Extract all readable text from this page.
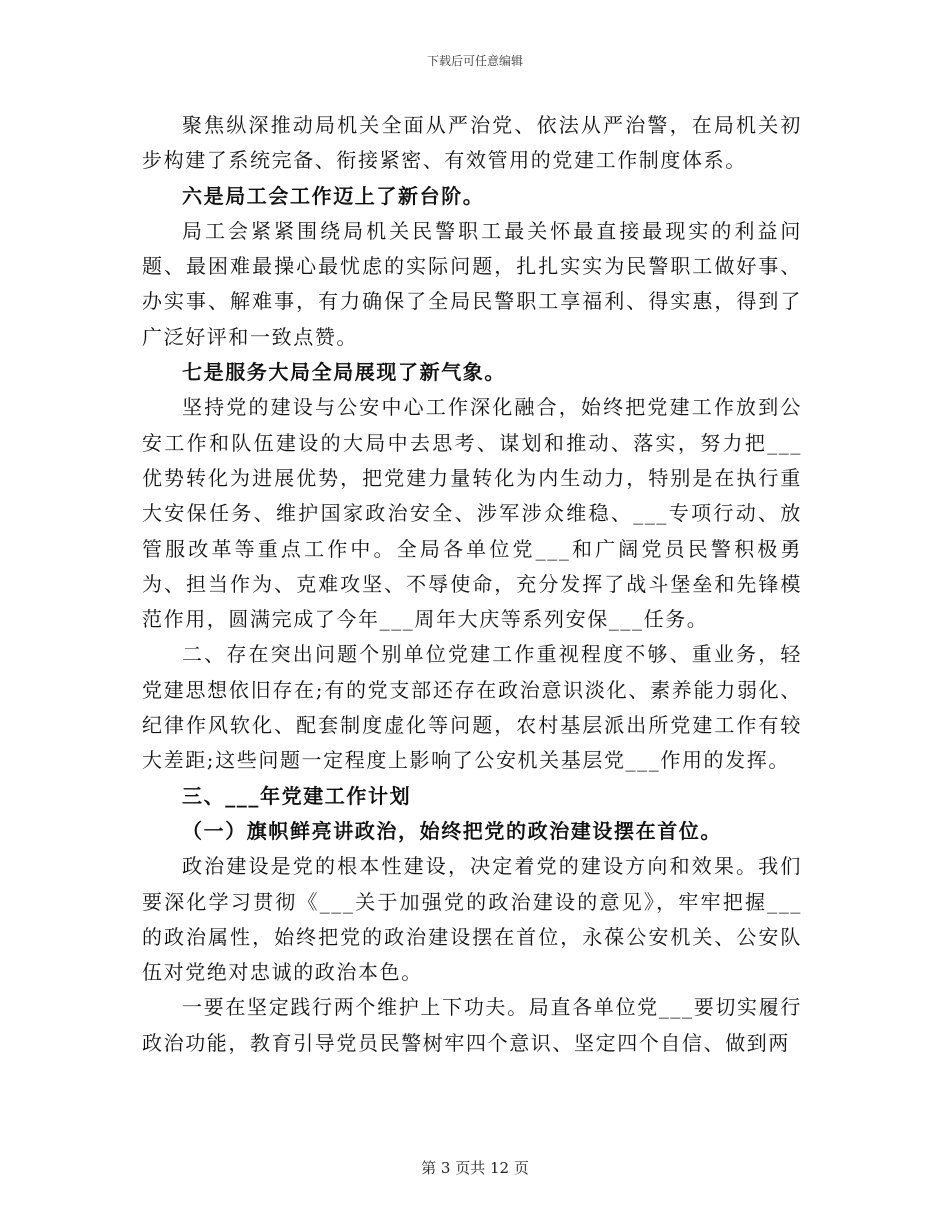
下载后可任意编辑

聚焦纵深推动局机关全面从严治党、依法从严治警，在局机关初步构建了系统完备、衔接紧密、有效管用的党建工作制度体系。

六是局工会工作迈上了新台阶。

局工会紧紧围绕局机关民警职工最关怀最直接最现实的利益问题、最困难最操心最忧虑的实际问题，扎扎实实为民警职工做好事、办实事、解难事，有力确保了全局民警职工享福利、得实惠，得到了广泛好评和一致点赞。

七是服务大局全局展现了新气象。

坚持党的建设与公安中心工作深化融合，始终把党建工作放到公安工作和队伍建设的大局中去思考、谋划和推动、落实，努力把___优势转化为进展优势，把党建力量转化为内生动力，特别是在执行重大安保任务、维护国家政治安全、涉军涉众维稳、___专项行动、放管服改革等重点工作中。全局各单位党___和广阔党员民警积极勇为、担当作为、克难攻坚、不辱使命，充分发挥了战斗堡垒和先锋模范作用，圆满完成了今年___周年大庆等系列安保___任务。

二、存在突出问题个别单位党建工作重视程度不够、重业务，轻党建思想依旧存在;有的党支部还存在政治意识淡化、素养能力弱化、纪律作风软化、配套制度虚化等问题，农村基层派出所党建工作有较大差距;这些问题一定程度上影响了公安机关基层党___作用的发挥。

三、___年党建工作计划

（一）旗帜鲜亮讲政治，始终把党的政治建设摆在首位。

政治建设是党的根本性建设，决定着党的建设方向和效果。我们要深化学习贯彻《___关于加强党的政治建设的意见》，牢牢把握___的政治属性，始终把党的政治建设摆在首位，永葆公安机关、公安队伍对党绝对忠诚的政治本色。

一要在坚定践行两个维护上下功夫。局直各单位党___要切实履行政治功能，教育引导党员民警树牢四个意识、坚定四个自信、做到两

第 3 页共 12 页
